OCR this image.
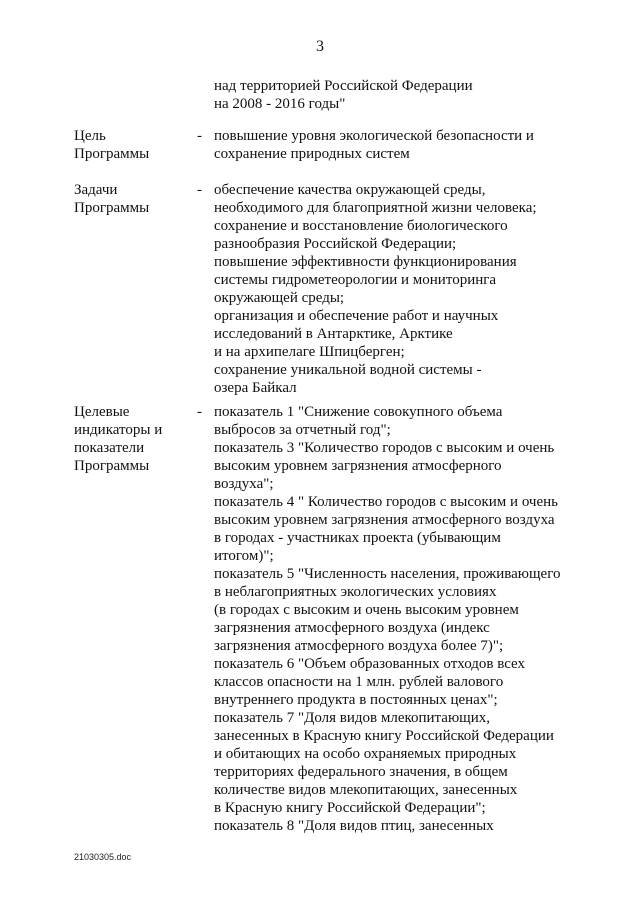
3
над территорией Российской Федерации
на 2008 - 2016 годы"
Цель
Программы
- повышение уровня экологической безопасности и
сохранение природных систем
Задачи
Программы
- обеспечение качества окружающей среды,
необходимого для благоприятной жизни человека;
сохранение и восстановление биологического
разнообразия Российской Федерации;
повышение эффективности функционирования
системы гидрометеорологии и мониторинга
окружающей среды;
организация и обеспечение работ и научных
исследований в Антарктике, Арктике
и на архипелаге Шпицберген;
сохранение уникальной водной системы -
озера Байкал
Целевые
индикаторы и
показатели
Программы
- показатель 1 "Снижение совокупного объема
выбросов за отчетный год";
показатель 3 "Количество городов с высоким и очень
высоким уровнем загрязнения атмосферного
воздуха";
показатель 4 " Количество городов с высоким и очень
высоким уровнем загрязнения атмосферного воздуха
в городах - участниках проекта (убывающим
итогом)";
показатель 5 "Численность населения, проживающего
в неблагоприятных экологических условиях
(в городах с высоким и очень высоким уровнем
загрязнения атмосферного воздуха (индекс
загрязнения атмосферного воздуха более 7)";
показатель 6 "Объем образованных отходов всех
классов опасности на 1 млн. рублей валового
внутреннего продукта в постоянных ценах";
показатель 7 "Доля видов млекопитающих,
занесенных в Красную книгу Российской Федерации
и обитающих на особо охраняемых природных
территориях федерального значения, в общем
количестве видов млекопитающих, занесенных
в Красную книгу Российской Федерации";
показатель 8 "Доля видов птиц, занесенных
21030305.doc
